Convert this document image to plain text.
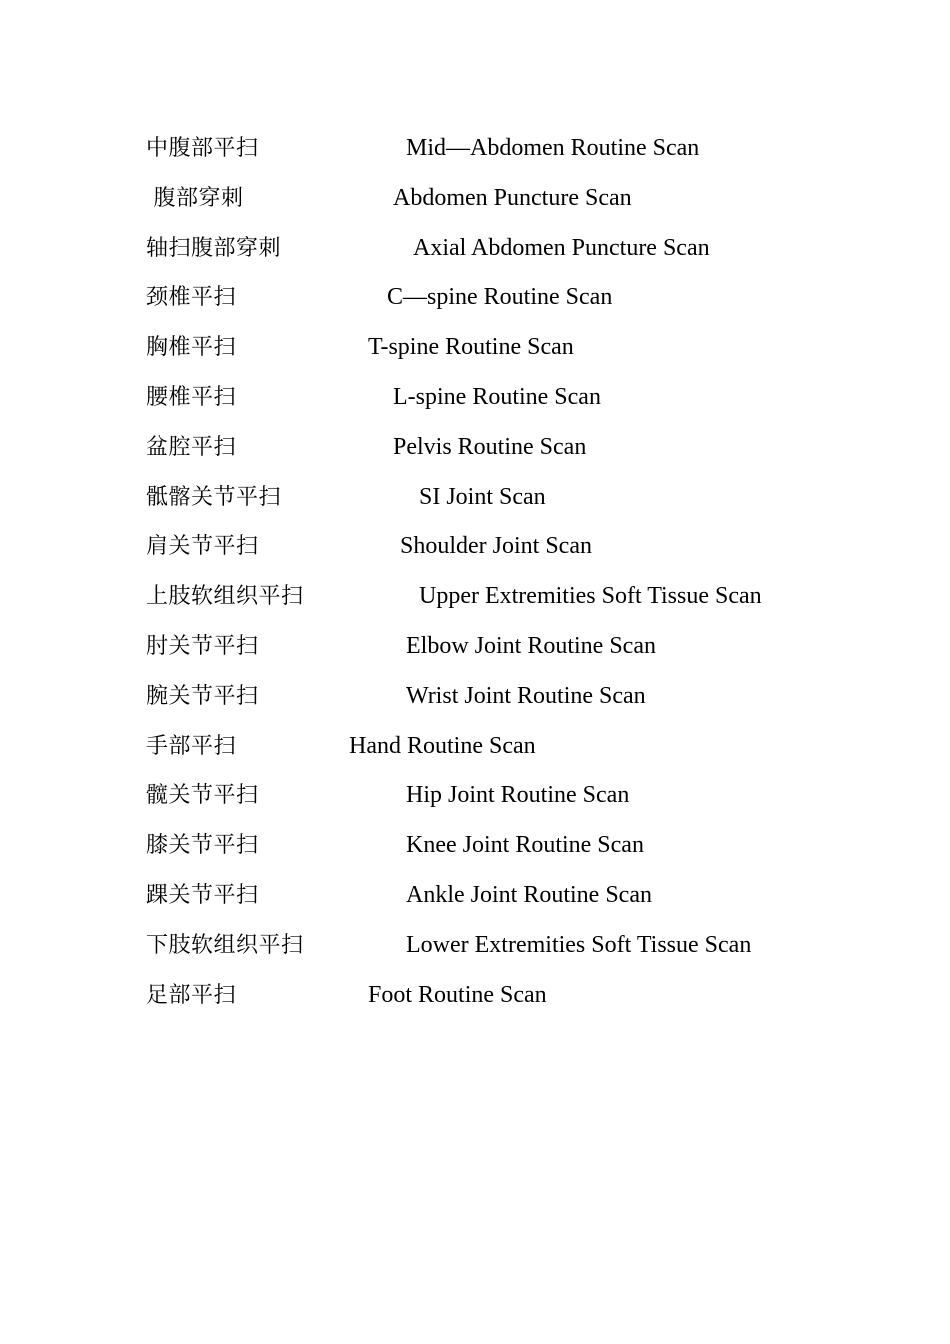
中腹部平扫	Mid—Abdomen Routine Scan
腹部穿刺	Abdomen Puncture Scan
轴扫腹部穿刺	Axial Abdomen Puncture Scan
颈椎平扫	C—spine Routine Scan
胸椎平扫	T-spine Routine Scan
腰椎平扫	L-spine Routine Scan
盆腔平扫	Pelvis Routine Scan
骶髂关节平扫	SI Joint Scan
肩关节平扫	Shoulder Joint Scan
上肢软组织平扫	Upper Extremities Soft Tissue Scan
肘关节平扫	Elbow Joint Routine Scan
腕关节平扫	Wrist Joint Routine Scan
手部平扫	Hand Routine Scan
髋关节平扫	Hip Joint Routine Scan
膝关节平扫	Knee Joint Routine Scan
踝关节平扫	Ankle Joint Routine Scan
下肢软组织平扫	Lower Extremities Soft Tissue Scan
足部平扫	Foot Routine Scan
